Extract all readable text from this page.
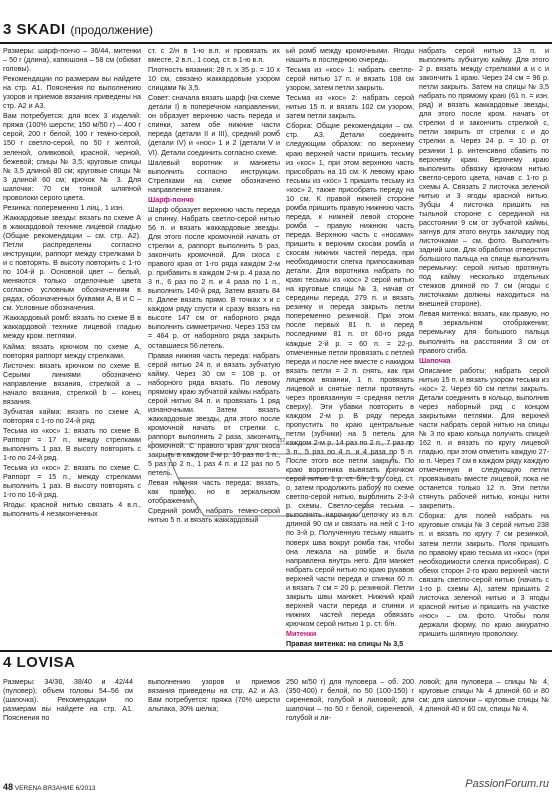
3 SKADI (продолжение)

Размеры: шарф-пончо – 36/44, митенки – 50 г (длина), капюшона – 58 см (обхват головы).

Рекомендации по размерам вы найдете на стр. А1. Пояснения по выполнению узоров и приемов вязания приведены на стр. А2 и А3.

Вам потребуется: для всех 3 изделий: пряжа (100% шерсти; 150 м/50 г) – 400 г серой, 200 г белой, 100 г темно-серой, 150 г светло-серой, по 50 г желтой, зеленой, оливковой, красной, черной, бежевой; спицы № 3,5; круговые спицы № 3,5 длиной 80 см; круговые спицы № 3 длиной 60 см; крючок № 3. Для шапочки: 70 см тонкой шляпной проволоки серого цвета.

Резинка: попеременно 1 лиц., 1 изн.

Жаккардовые звезды: вязать по схеме А в жаккардовой технике лицевой гладью (Общие рекомендации – см. стр. А2). Петли распределены согласно инструкции, раппорт между стрелками b и c повторять. В высоту повторить с 1-го по 104-й р. Основной цвет – белый, меняются только отделочные цвета согласно условным обозначениям в рядах, обозначенных буквами А, В и С – см. Условные обозначения.

Жаккардовый ромб: вязать по схеме В в жаккардовой технике лицевой гладью между кром. петлями.

Кайма: вязать крючком по схеме А, повторяя раппорт между стрелками.

Листочек: вязать крючком по схеме В. Серыми линиями обозначено направление вязания, стрелкой a – начало вязания, стрелкой b – конец вязания.

Зубчатая кайма: вязать по схеме А, повторяя с 1-го по 24-й ряд.

Тесьма из «кос» 1: вязать по схеме В. Раппорт = 17 п., между стрелками выполнить 1 раз. В высоту повторять с 1-го по 24-й ряд.

Тесьма из «кос» 2: вязать по схеме С. Раппорт = 15 п., между стрелками выполнить 1 раз. В высоту повторять с 1-го по 16-й ряд.

Ягоды: красной нитью связать 4 в.п., выполнить 4 незаконченных

ст. с 2/н в 1-ю в.п. и провязать их вместе, 2 в.п., 1 соед. ст. в 1-ю в.п.

Плотность вязания: 28 п. х 35 р. = 10 х 10 см, связано жаккардовым узором спицами № 3,5.

Совет: сначала вязать шарф (на схеме детали I) в поперечном направлении, он образует верхнюю часть переда и спинки, затем обе нижние части переда (детали II и III), средний ромб (детали IV) и «нос» 1 и 2 (детали V и VI). Детали соединить согласно схеме.

Шалевый воротник и манжеты выполнить согласно инструкции. Стрелками на схеме обозначено направление вязания.

Шарф-пончо

Шарф образует верхнюю часть переда и спинку. Набрать светло-серой нитью 56 п. и вязать жаккардовые звезды. Для этого после кромочной начать от стрелки а, раппорт выполнить 5 раз, закончить кромочной. Для скоса с правого края от 1-го ряда каждом 2-м р. прибавить в каждом 2-м р. 4 раза по 3 п., 6 раз по 2 п. и 4 раза по 1 п., выполнить 140-й ряд. Затем вязать 84 п. Далее вязать прямо. В точках x и c каждом ряду спусти и сразу вязать на высоте 147 см от наборного ряда выполнить симметрично. Через 153 см = 464 р. от наборного ряда закрыть оставшиеся 56 петель.

Правая нижняя часть переда: набрать серой нитью 24 п. и вязать зубчатую кайму. Через 30 см = 108 р. от наборного ряда вязать. По левому прямому краю зубчатой каймы набрать серой нитью 84 п. и провязать 1 ряд изнаночными. Затем вязать жаккардовые звезды, для этого после кромочной начать от стрелки с, раппорт выполнить 2 раза, закончить кромочной. С правого края для скоса закрыть в каждом 2-м р. 10 раз по 1 п., 5 раз по 2 п., 1 раз 4 п. и 12 раз по 5 петель.

Левая нижняя часть переда: вязать, как правую, но в зеркальном отображении.

Средний ромб: набрать темно-серой нитью 5 п. и вязать жаккардовый

ый ромб между кромочными. Ягоды нашить в последнюю очередь.

Тесьма из «кос» 1: набрать светло-серой нитью 17 п. и вязать 108 см узором, затем петли закрыть.

Тесьма из «кос» 2: набрать серой нитью 15 п. и вязать 102 см узором, затем петли закрыть.

Сборка: Общие рекомендации – см. стр. А3. Детали соединить следующим образом: по верхнему краю верхней части пришить тесьму из «кос» 1, при этом верхнюю часть присобрать на 10 см. К левому краю тесьмы из «кос» 1 пришить тесьму из «кос» 2, также присобрать переду на 10 см. К правой нижней стороне ромба пришить правую нижнюю часть переда, к нижней левой стороне ромба – правую нижнюю часть переда. Верхнюю часть с «носами» пришить к верхним скосам ромба и скосам нижних частей переда, при необходимости слегка припосаживая детали. Для воротника набрать по краю тесьмы из «кос» 2 серой нитью на круговые спицы № 3, начав от середины переда, 279 п. и вязать резинку и переда закрыть петли попеременно резинкой. При этом после первых 81 п. и перед последними 81 п. от 60-го ряда каждые 2-й р. = 60 п. = 22-р. отмеченные петли провязать с петлей переда и после нее вместе с накидом вязать петли = 2 п. снять, как при лицевом вязании, 1 п. провязать лицевой и снятые петли протянуть через провязанную = средняя петля сверху). Эти убавки повторить в каждом 2-м р. В ряду переда пропустить по краю центральные петли (зубчики) на 5 петель для каждом 2-м р. 14 раз по 2 п., 7 раз по 3 п., 5 раз по 4 п. и 4 раза по 5 п. После этого все петли закрыть. По краю воротника вывязать крючком серой нитью 1 р. ст. б/н, 1 р. соед. ст. о, затем продолжить работу по схеме светло-серой нитью, выполнить 2-3-й р. схемы. Светло-серая тесьма – выполнить нарочную цепочку из в.п. длиной 90 см и связать на ней с 1-го по 3-й р. Полученную тесьму нашить поверх шва вокруг ромба так, чтобы она лежала на ромбе и была направлена внутрь него. Для манжет набрать серой нитью по краю рукавов верхней части переда и спинки 60 п. и вязать 7 см = 20 р. резинкой. Петли закрыть швы манжет. Нижний край верхней части переда и спинки и нижних частей переда обвязать крючком серой нитью 1 р. ст. б/н.

Митенки

Правая митенка: на спицы № 3,5

набрать серой нитью 13 п. и выполнить зубчатую кайму. Для этого 2 р. вязать между стрелками a и c и закончить 1 краю. Через 24 см = 96 р. петли закрыть. Затем на спицы № 3,5 набрать по прямому краю (61 п. = изн. ряд) и вязать жаккардовые звезды, для этого после кром. начать от стрелки d и закончить стрелкой c, петли закрыть от стрелки c и до стрелки a. Через 24 р. = 10 р. от резинки 1 р. интенсивно сбавить по верхнему краю. Верхнему краю выполнить обвязку крючком нитью светло-серого цвета, начав с 1-го р. схемы А. Связать 2 листочка зеленой нитью и 3 ягоды красной нитью. Зубцы 4 листочка пришить на тыльной стороне с серединой на расстоянии 9 см от зубчатой каймы, загнув для этого внутрь закладку под листочками – см. фото. Выполнить задний шов. Для обработки отверстия большого пальца на спице выполнить перемычку: серой нитью протянуть под кайму несколько отдельных стежков длиной по 7 см (ягоды с листочками должны находиться на внешней стороне).

Левая митенка: вязать, как правую, но в зеркальном отображении; перемычку для большого пальца выполнить на расстоянии 3 см от правого сгиба.

Шапочка

Описание работы: набрать серой нитью 15 п. и вязать узором тесьма из «кос» 2. Через 60 см петли закрыть. Детали соединить в кольцо, выполнив через наборный ряд с концом закрытыми петлями. Для верхней части набрать серой нитью на спицы № 3 по краю кольца получить спицей 162 п. и вязать по кругу лицевой гладью, при этом отметить каждую 27-ю п. Через 7 см в каждом ряду каждую отмеченную и следующую петли провязывать вместе лицевой, пока не останется только 12 п. Эти петли стянуть рабочей нитью, концы нити закрепить.

Сборка: для полей набрать на круговые спицы № 3 серой нитью 238 п. и вязать по кругу 7 см резинкой, затем петли закрыть. Поля пришить по правому краю тесьма из «кос» (при необходимости слегка присобирая). С обеих сторон 2-го краю верхней части связать светло-серой нитью (начать с 1-го р. схемы А), затем пришить 2 листочка зеленой нитью и 3 ягоды красной нитью и пришить на участке «нос» – см. фото. Чтобы поля держали форму, по краю аккуратно пришить шляпную проволоку.

152
4 LOVISA
Размеры: 34/36, 38/40 и 42/44 (пуловер); объем головы 54–56 см (шапочка). Рекомендации по размерам вы найдете на стр. А1. Пояснения по
выполнению узоров и приемов вязания приведены на стр. А2 и А3. Вам потребуется: пряжа (70% шерсти альпака, 30% шелка;
250 м/50 г) для пуловера – об. 200 (350-400) г белой, по 50 (100-150) г сиреневой, голубой и лиловой; для шапочки – по 50 г белой, сиреневой, голубой и ли-
ловой; для пуловера – спицы № 4, круговые спицы № 4 длиной 60 и 80 см; для шапочки – круговые спицы № 4 длиной 40 и 60 см, спицы № 4.
48 VERENA ВЯЗАНИЕ 6/2013	PassionForum.ru
